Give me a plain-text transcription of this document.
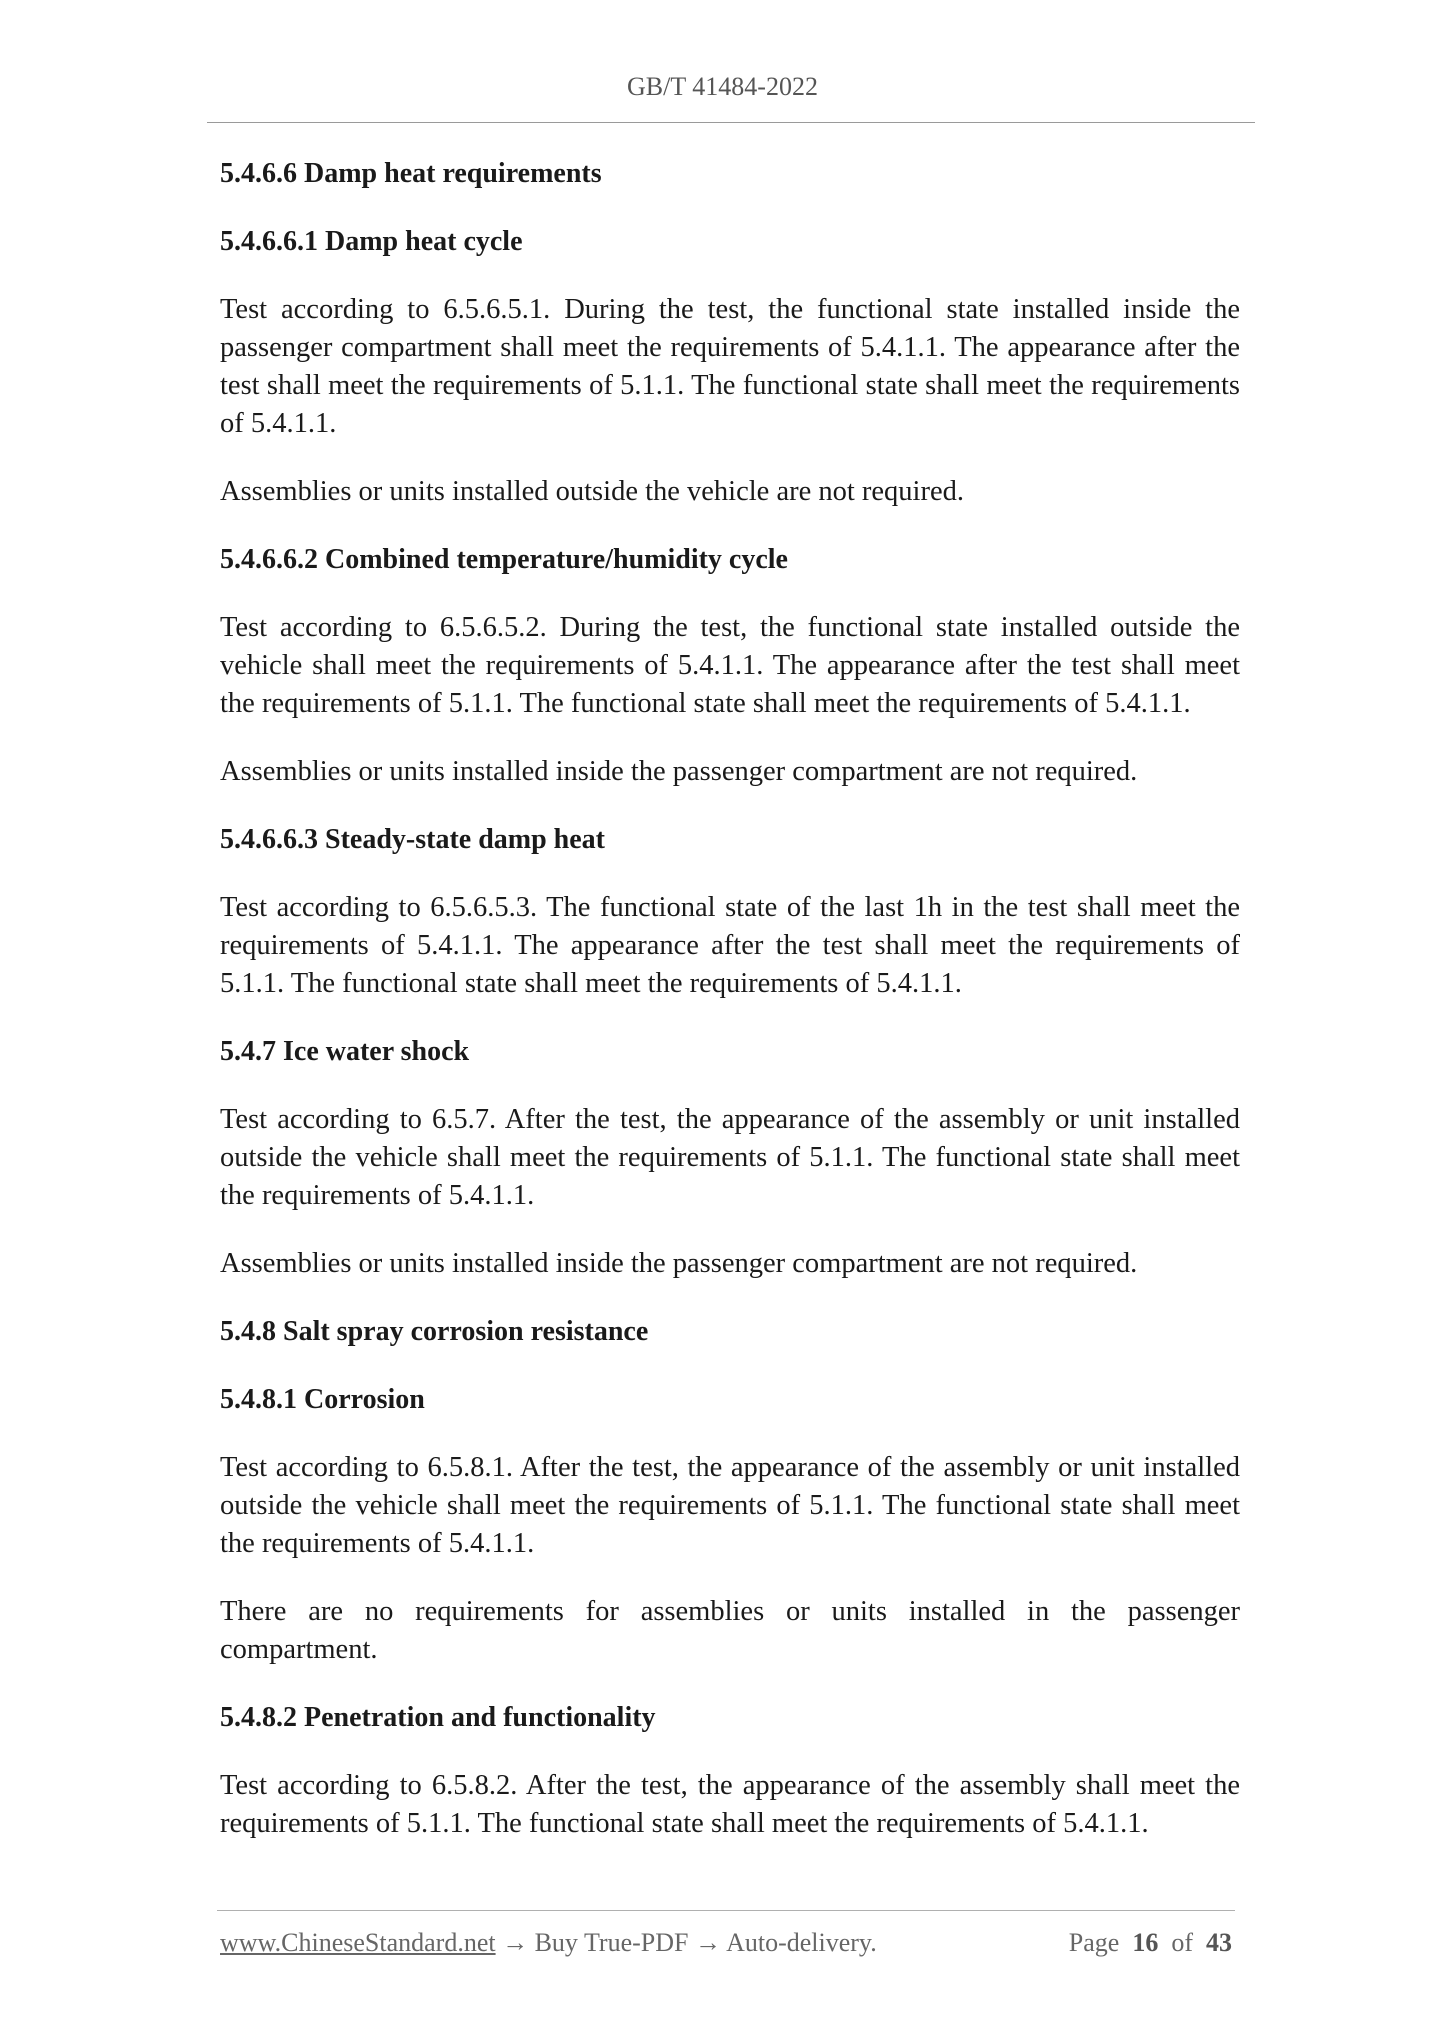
GB/T 41484-2022
5.4.6.6 Damp heat requirements
5.4.6.6.1 Damp heat cycle
Test according to 6.5.6.5.1. During the test, the functional state installed inside the passenger compartment shall meet the requirements of 5.4.1.1. The appearance after the test shall meet the requirements of 5.1.1. The functional state shall meet the requirements of 5.4.1.1.
Assemblies or units installed outside the vehicle are not required.
5.4.6.6.2 Combined temperature/humidity cycle
Test according to 6.5.6.5.2. During the test, the functional state installed outside the vehicle shall meet the requirements of 5.4.1.1. The appearance after the test shall meet the requirements of 5.1.1. The functional state shall meet the requirements of 5.4.1.1.
Assemblies or units installed inside the passenger compartment are not required.
5.4.6.6.3 Steady-state damp heat
Test according to 6.5.6.5.3. The functional state of the last 1h in the test shall meet the requirements of 5.4.1.1. The appearance after the test shall meet the requirements of 5.1.1. The functional state shall meet the requirements of 5.4.1.1.
5.4.7 Ice water shock
Test according to 6.5.7. After the test, the appearance of the assembly or unit installed outside the vehicle shall meet the requirements of 5.1.1. The functional state shall meet the requirements of 5.4.1.1.
Assemblies or units installed inside the passenger compartment are not required.
5.4.8 Salt spray corrosion resistance
5.4.8.1 Corrosion
Test according to 6.5.8.1. After the test, the appearance of the assembly or unit installed outside the vehicle shall meet the requirements of 5.1.1. The functional state shall meet the requirements of 5.4.1.1.
There are no requirements for assemblies or units installed in the passenger compartment.
5.4.8.2 Penetration and functionality
Test according to 6.5.8.2. After the test, the appearance of the assembly shall meet the requirements of 5.1.1. The functional state shall meet the requirements of 5.4.1.1.
www.ChineseStandard.net → Buy True-PDF → Auto-delivery.	Page 16 of 43
